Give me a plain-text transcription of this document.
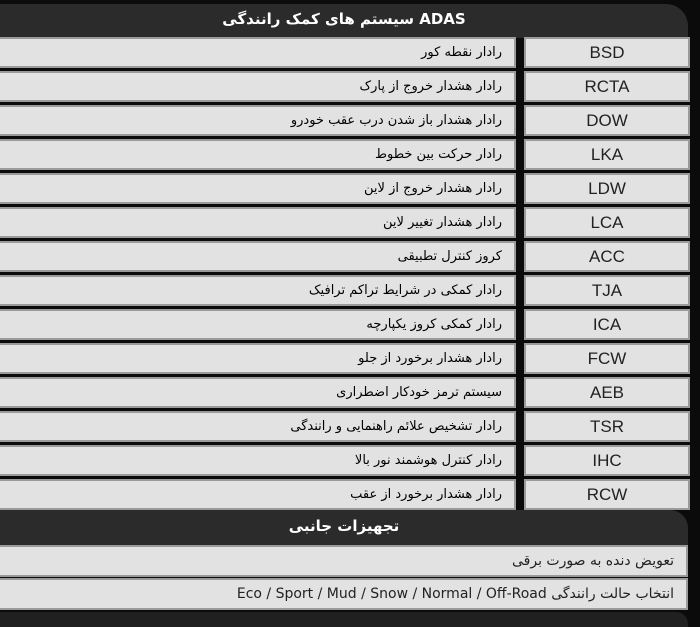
سیستم های کمک رانندگی ADAS
رادار نقطه کور	BSD
رادار هشدار خروج از پارک	RCTA
رادار هشدار باز شدن درب عقب خودرو	DOW
رادار حرکت بین خطوط	LKA
رادار هشدار خروج از لاین	LDW
رادار هشدار تغییر لاین	LCA
کروز کنترل تطبیقی	ACC
رادار کمکی در شرایط تراکم ترافیک	TJA
رادار کمکی کروز یکپارچه	ICA
رادار هشدار برخورد از جلو	FCW
سیستم ترمز خودکار اضطراری	AEB
رادار تشخیص علائم راهنمایی و رانندگی	TSR
رادار کنترل هوشمند نور بالا	IHC
رادار هشدار برخورد از عقب	RCW
تجهیزات جانبی
تعویض دنده به صورت برقی
انتخاب حالت رانندگی Eco / Sport / Mud / Snow / Normal / Off-Road
